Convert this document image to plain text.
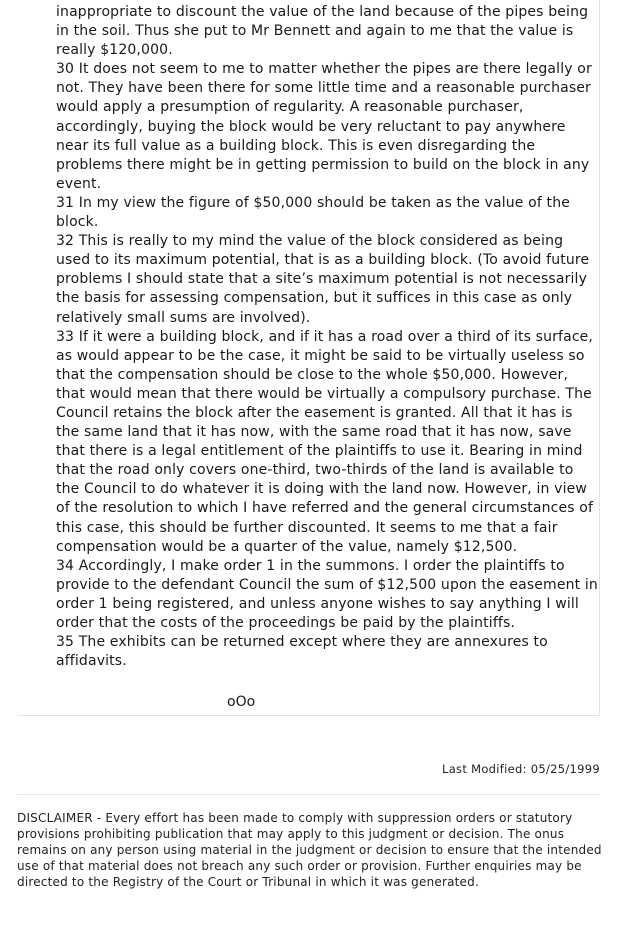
inappropriate to discount the value of the land because of the pipes being in the soil. Thus she put to Mr Bennett and again to me that the value is really $120,000.

30 It does not seem to me to matter whether the pipes are there legally or not. They have been there for some little time and a reasonable purchaser would apply a presumption of regularity. A reasonable purchaser, accordingly, buying the block would be very reluctant to pay anywhere near its full value as a building block. This is even disregarding the problems there might be in getting permission to build on the block in any event.

31 In my view the figure of $50,000 should be taken as the value of the block.

32 This is really to my mind the value of the block considered as being used to its maximum potential, that is as a building block. (To avoid future problems I should state that a site’s maximum potential is not necessarily the basis for assessing compensation, but it suffices in this case as only relatively small sums are involved).

33 If it were a building block, and if it has a road over a third of its surface, as would appear to be the case, it might be said to be virtually useless so that the compensation should be close to the whole $50,000. However, that would mean that there would be virtually a compulsory purchase. The Council retains the block after the easement is granted. All that it has is the same land that it has now, with the same road that it has now, save that there is a legal entitlement of the plaintiffs to use it. Bearing in mind that the road only covers one-third, two-thirds of the land is available to the Council to do whatever it is doing with the land now. However, in view of the resolution to which I have referred and the general circumstances of this case, this should be further discounted. It seems to me that a fair compensation would be a quarter of the value, namely $12,500.

34 Accordingly, I make order 1 in the summons. I order the plaintiffs to provide to the defendant Council the sum of $12,500 upon the easement in order 1 being registered, and unless anyone wishes to say anything I will order that the costs of the proceedings be paid by the plaintiffs.

35 The exhibits can be returned except where they are annexures to affidavits.

oOo
Last Modified: 05/25/1999
DISCLAIMER - Every effort has been made to comply with suppression orders or statutory provisions prohibiting publication that may apply to this judgment or decision. The onus remains on any person using material in the judgment or decision to ensure that the intended use of that material does not breach any such order or provision. Further enquiries may be directed to the Registry of the Court or Tribunal in which it was generated.
